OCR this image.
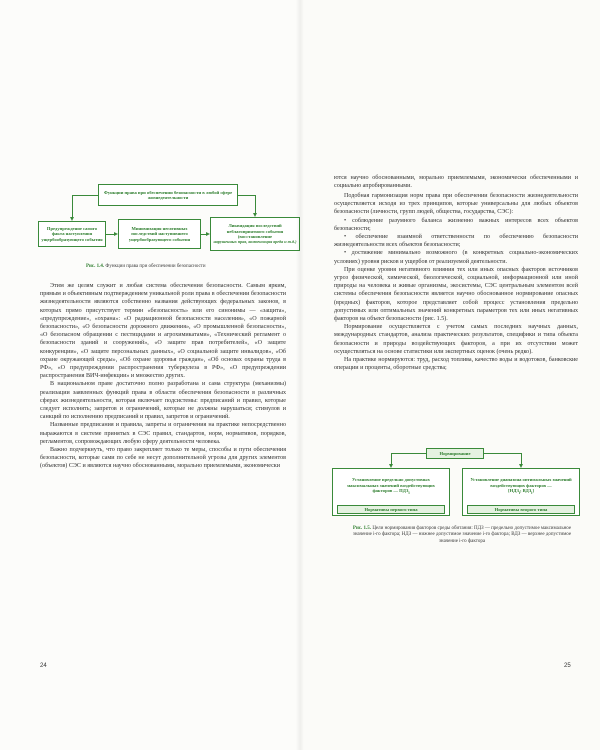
Функции права при обеспечении безопасности в любой сфере жизнедеятельности
Предупреждение самого факта наступления ущербообразующего события
Минимизация негативных последствий наступившего ущербообразующего события
Ликвидация последствий неблагоприятного события (восстановление
нарушенных прав, компенсация вреда и т.д.)
Рис. 1.4. Функции права при обеспечении безопасности

Этим же целям служит и любая система обеспечения безопасности. Самым ярким, прямым и объективным подтверждением уникальной роли права в обеспечении безопасности жизнедеятельности являются собственно названия действующих федеральных законов, в которых прямо присутствует термин «безопасность» или его синонимы — «защита», «предупреждение», «охрана»: «О радиационной безопасности населения», «О пожарной безопасности», «О безопасности дорожного движения», «О промышленной безопасности», «О безопасном обращении с пестицидами и агрохимикатами», «Технический регламент о безопасности зданий и сооружений», «О защите прав потребителей», «О защите конкуренции», «О защите персональных данных», «О социальной защите инвалидов», «Об охране окружающей среды», «Об охране здоровья граждан», «Об основах охраны труда в РФ», «О предупреждении распространения туберкулеза в РФ», «О предупреждении распространения ВИЧ-инфекции» и множество других.

В национальном праве достаточно полно разработана и сама структура (механизмы) реализации заявленных функций права в области обеспечения безопасности в различных сферах жизнедеятельности, которая включает подсистемы: предписаний и правил, которые следует исполнять; запретов и ограничений, которые не должны нарушаться; стимулов и санкций по исполнению предписаний и правил, запретов и ограничений.

Названные предписания и правила, запреты и ограничения на практике непосредственно выражаются в системе принятых в СЭС правил, стандартов, норм, нормативов, порядков, регламентов, сопровождающих любую сферу деятельности человека.

Важно подчеркнуть, что право закрепляет только те меры, способы и пути обеспечения безопасности, которые сами по себе не несут дополнительной угрозы для других элементов (объектов) СЭС и являются научно обоснованными, морально приемлемыми, экономически

24

ются научно обоснованными, морально приемлемыми, экономически обеспеченными и социально апробированными.

Подобная гармонизация норм права при обеспечении безопасности жизнедеятельности осуществляется исходя из трех принципов, которые универсальны для любых объектов безопасности (личности, групп людей, общества, государства, СЭС):

• соблюдение разумного баланса жизненно важных интересов всех объектов безопасности;

• обеспечение взаимной ответственности по обеспечению безопасности жизнедеятельности всех объектов безопасности;

• достижение минимально возможного (в конкретных социально-экономических условиях) уровня рисков и ущербов от реализуемой деятельности.

При оценке уровня негативного влияния тех или иных опасных факторов источников угроз физической, химической, биологической, социальной, информационной или иной природы на человека и живые организмы, экосистемы, СЭС центральным элементом всей системы обеспечения безопасности является научно обоснованное нормирование опасных (вредных) факторов, которое представляет собой процесс установления предельно допустимых или оптимальных значений конкретных параметров тех или иных негативных факторов на объект безопасности (рис. 1.5).

Нормирование осуществляется с учетом самых последних научных данных, международных стандартов, анализа практических результатов, специфики и типа объекта безопасности и природы воздействующих факторов, а при их отсутствии может осуществляться на основе статистики или экспертных оценок (очень редко).

На практике нормируются: труд, расход топлива, качество воды и водотоков, банковские операции и проценты, оборотные средства;

Нормирование
Установление предельно допустимых максимальных значений воздействующих факторов — $ПДЗ_i$
Нормативы первого типа
Установление диапазона оптимальных значений воздействующих факторов —
[$НДЗ_i$; $ВДЗ_i$]
Нормативы второго типа
Рис. 1.5. Цели нормирования факторов среды обитания: ПДЗ — предельно допустимое максимальное значение i-го фактора; НДЗ — нижнее допустимое значение i-го фактора; ВДЗ — верхнее допустимое значение i-го фактора
25
